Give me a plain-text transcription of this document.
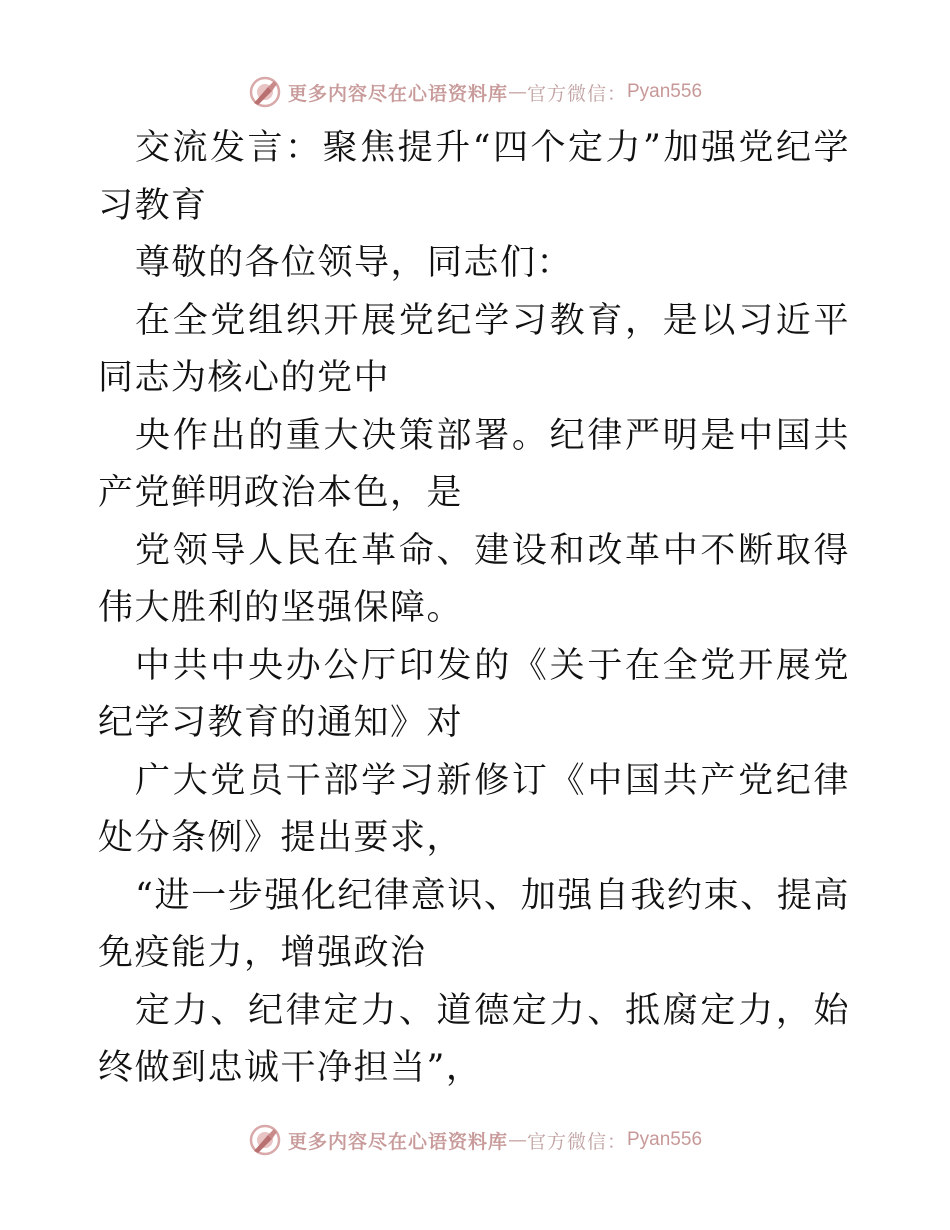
更多内容尽在心语资料库 — 官方微信： Pyan556

交流发言：聚焦提升“四个定力”加强党纪学习教育

尊敬的各位领导，同志们：

在全党组织开展党纪学习教育，是以习近平同志为核心的党中

央作出的重大决策部署。纪律严明是中国共产党鲜明政治本色，是

党领导人民在革命、建设和改革中不断取得伟大胜利的坚强保障。

中共中央办公厅印发的《关于在全党开展党纪学习教育的通知》对

广大党员干部学习新修订《中国共产党纪律处分条例》提出要求，

“进一步强化纪律意识、加强自我约束、提高免疫能力，增强政治

定力、纪律定力、道德定力、抵腐定力，始终做到忠诚干净担当”，

更多内容尽在心语资料库 — 官方微信： Pyan556
